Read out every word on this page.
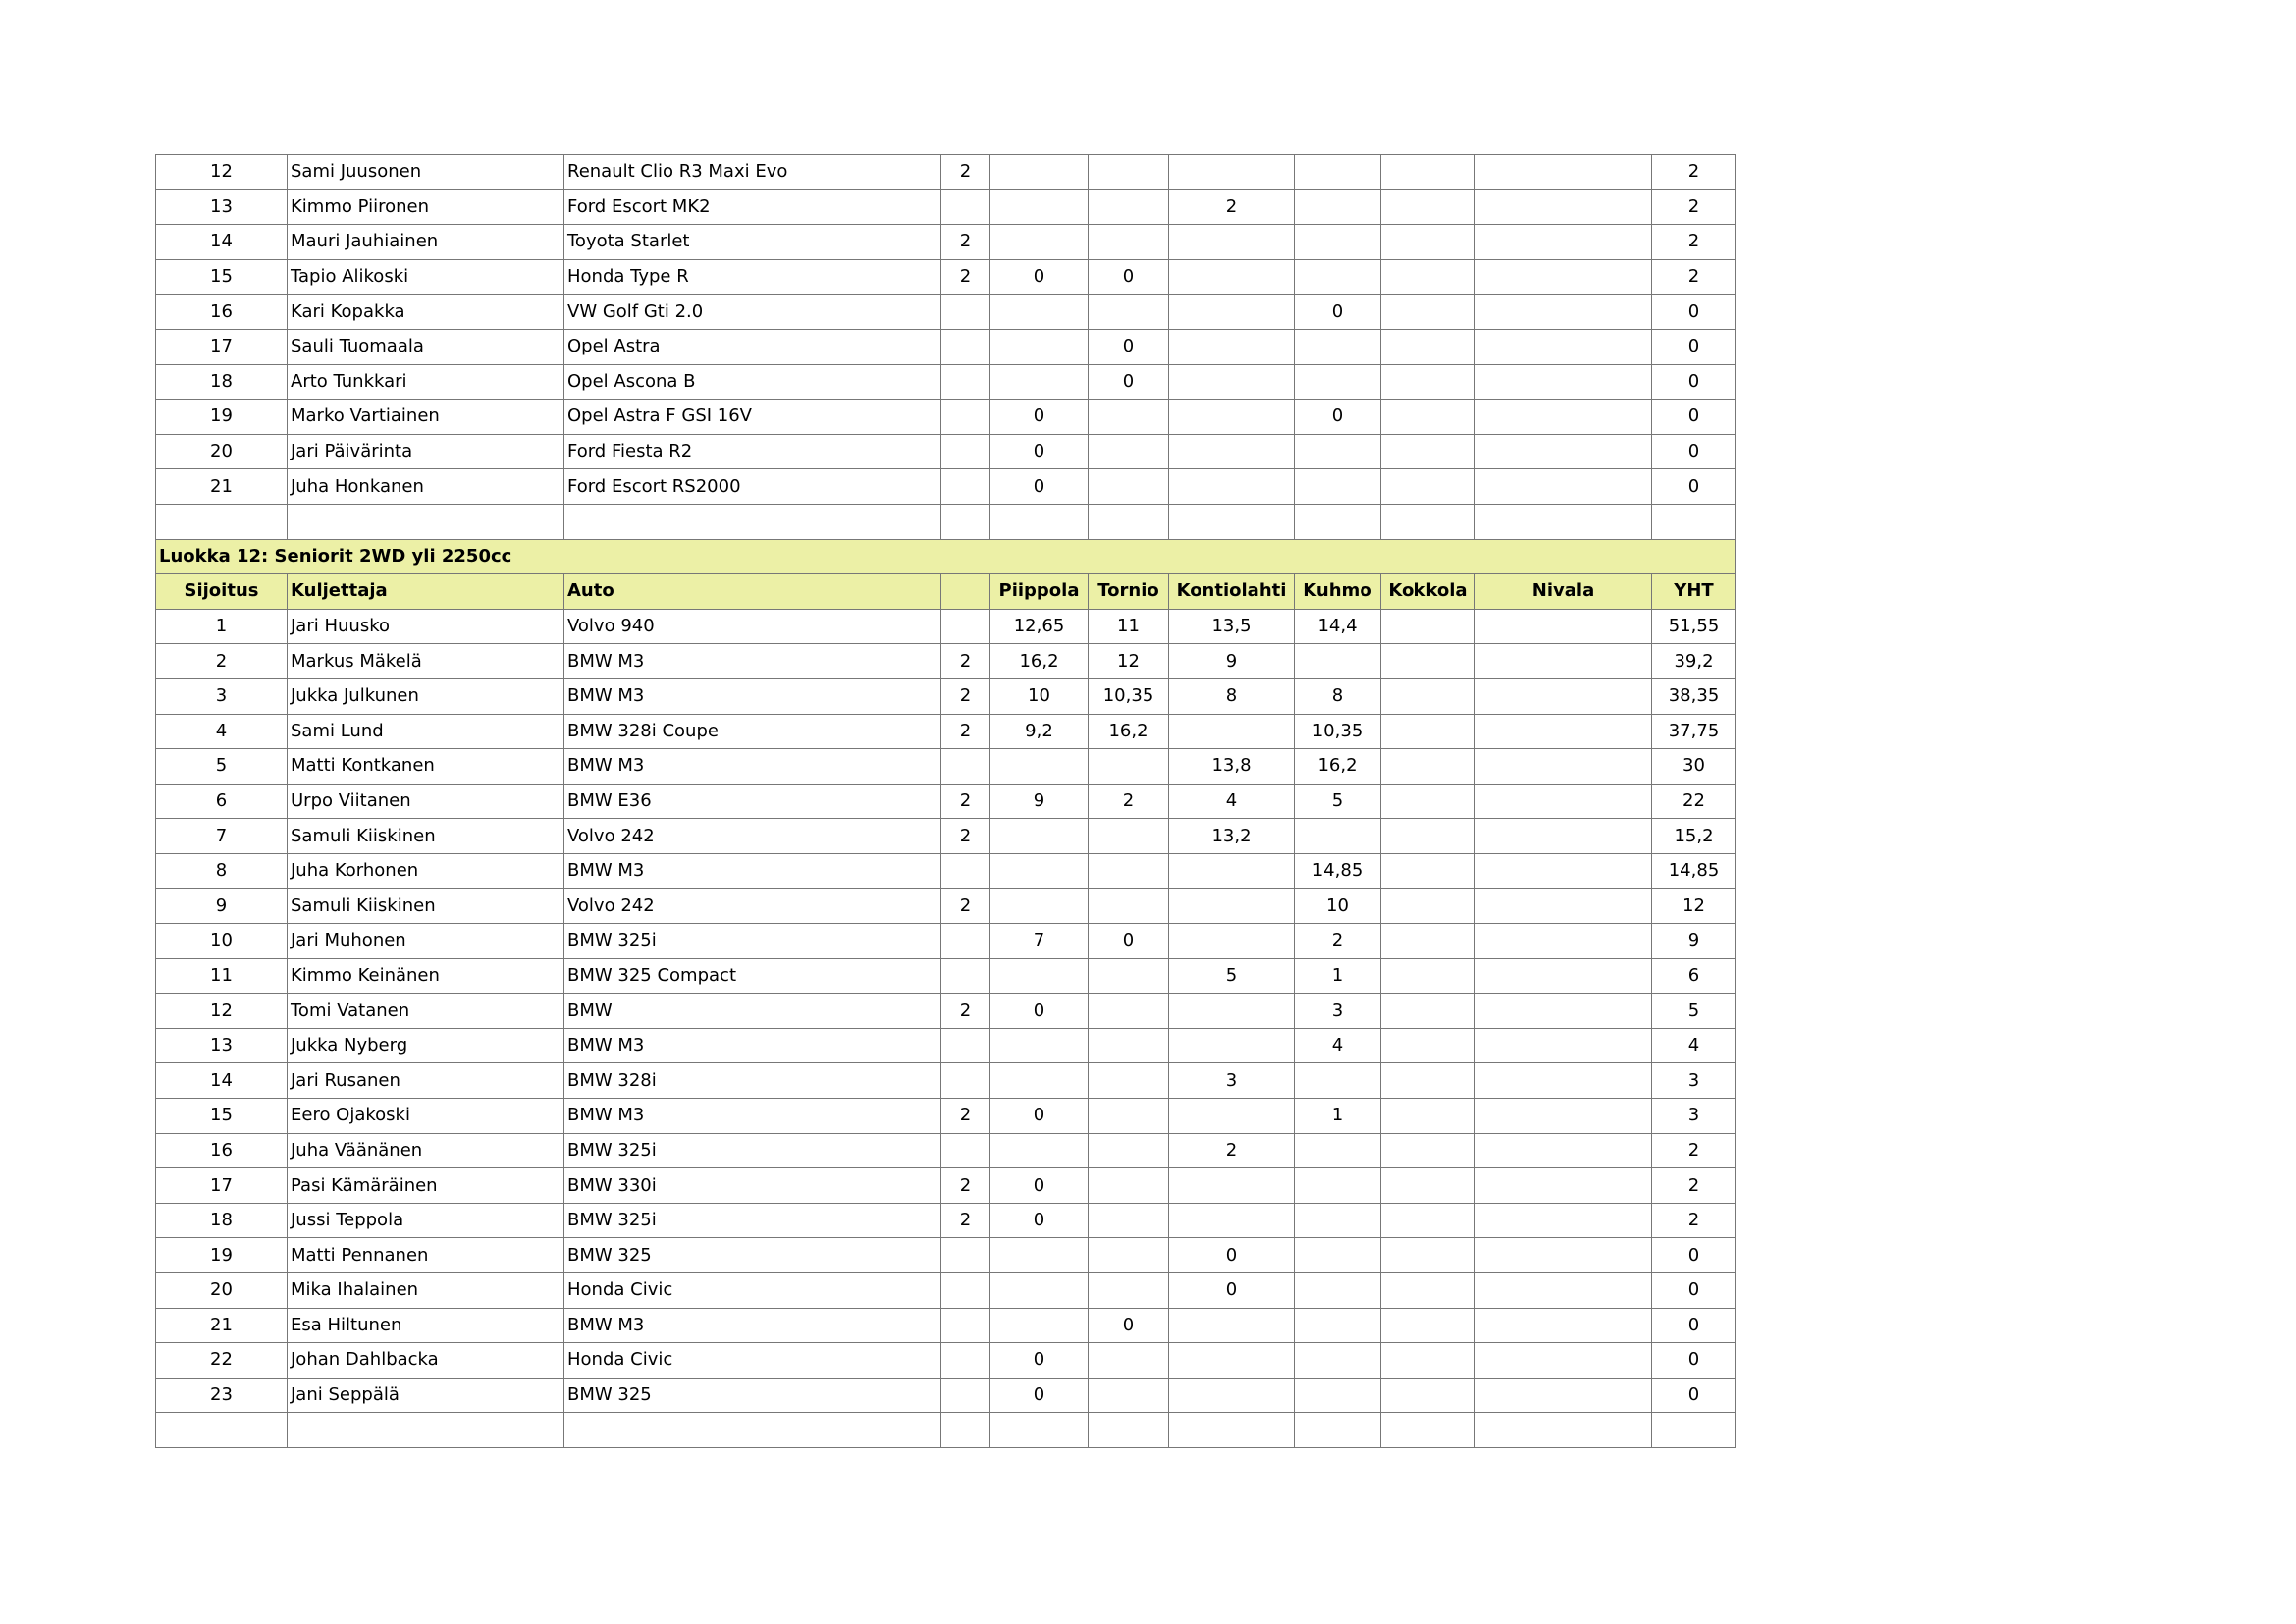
12	Sami Juusonen	Renault Clio R3 Maxi Evo	2							2
13	Kimmo Piironen	Ford Escort MK2				2				2
14	Mauri Jauhiainen	Toyota Starlet	2							2
15	Tapio Alikoski	Honda Type R	2	0	0					2
16	Kari Kopakka	VW Golf Gti 2.0					0			0
17	Sauli Tuomaala	Opel Astra			0					0
18	Arto Tunkkari	Opel Ascona B			0					0
19	Marko Vartiainen	Opel Astra F GSI 16V		0			0			0
20	Jari Päivärinta	Ford Fiesta R2		0						0
21	Juha Honkanen	Ford Escort RS2000		0						0

Luokka 12: Seniorit 2WD yli 2250cc										
Sijoitus	Kuljettaja	Auto		Piippola	Tornio	Kontiolahti	Kuhmo	Kokkola	Nivala	YHT
1	Jari Huusko	Volvo 940		12,65	11	13,5	14,4			51,55
2	Markus Mäkelä	BMW M3	2	16,2	12	9				39,2
3	Jukka Julkunen	BMW M3	2	10	10,35	8	8			38,35
4	Sami Lund	BMW 328i Coupe	2	9,2	16,2		10,35			37,75
5	Matti Kontkanen	BMW M3				13,8	16,2			30
6	Urpo Viitanen	BMW E36	2	9	2	4	5			22
7	Samuli Kiiskinen	Volvo 242	2			13,2				15,2
8	Juha Korhonen	BMW M3					14,85			14,85
9	Samuli Kiiskinen	Volvo 242	2				10			12
10	Jari Muhonen	BMW 325i		7	0		2			9
11	Kimmo Keinänen	BMW 325 Compact				5	1			6
12	Tomi Vatanen	BMW	2	0			3			5
13	Jukka Nyberg	BMW M3					4			4
14	Jari Rusanen	BMW 328i				3				3
15	Eero Ojakoski	BMW M3	2	0			1			3
16	Juha Väänänen	BMW 325i				2				2
17	Pasi Kämäräinen	BMW 330i	2	0						2
18	Jussi Teppola	BMW 325i	2	0						2
19	Matti Pennanen	BMW 325				0				0
20	Mika Ihalainen	Honda Civic				0				0
21	Esa Hiltunen	BMW M3			0					0
22	Johan Dahlbacka	Honda Civic		0						0
23	Jani Seppälä	BMW 325		0						0
